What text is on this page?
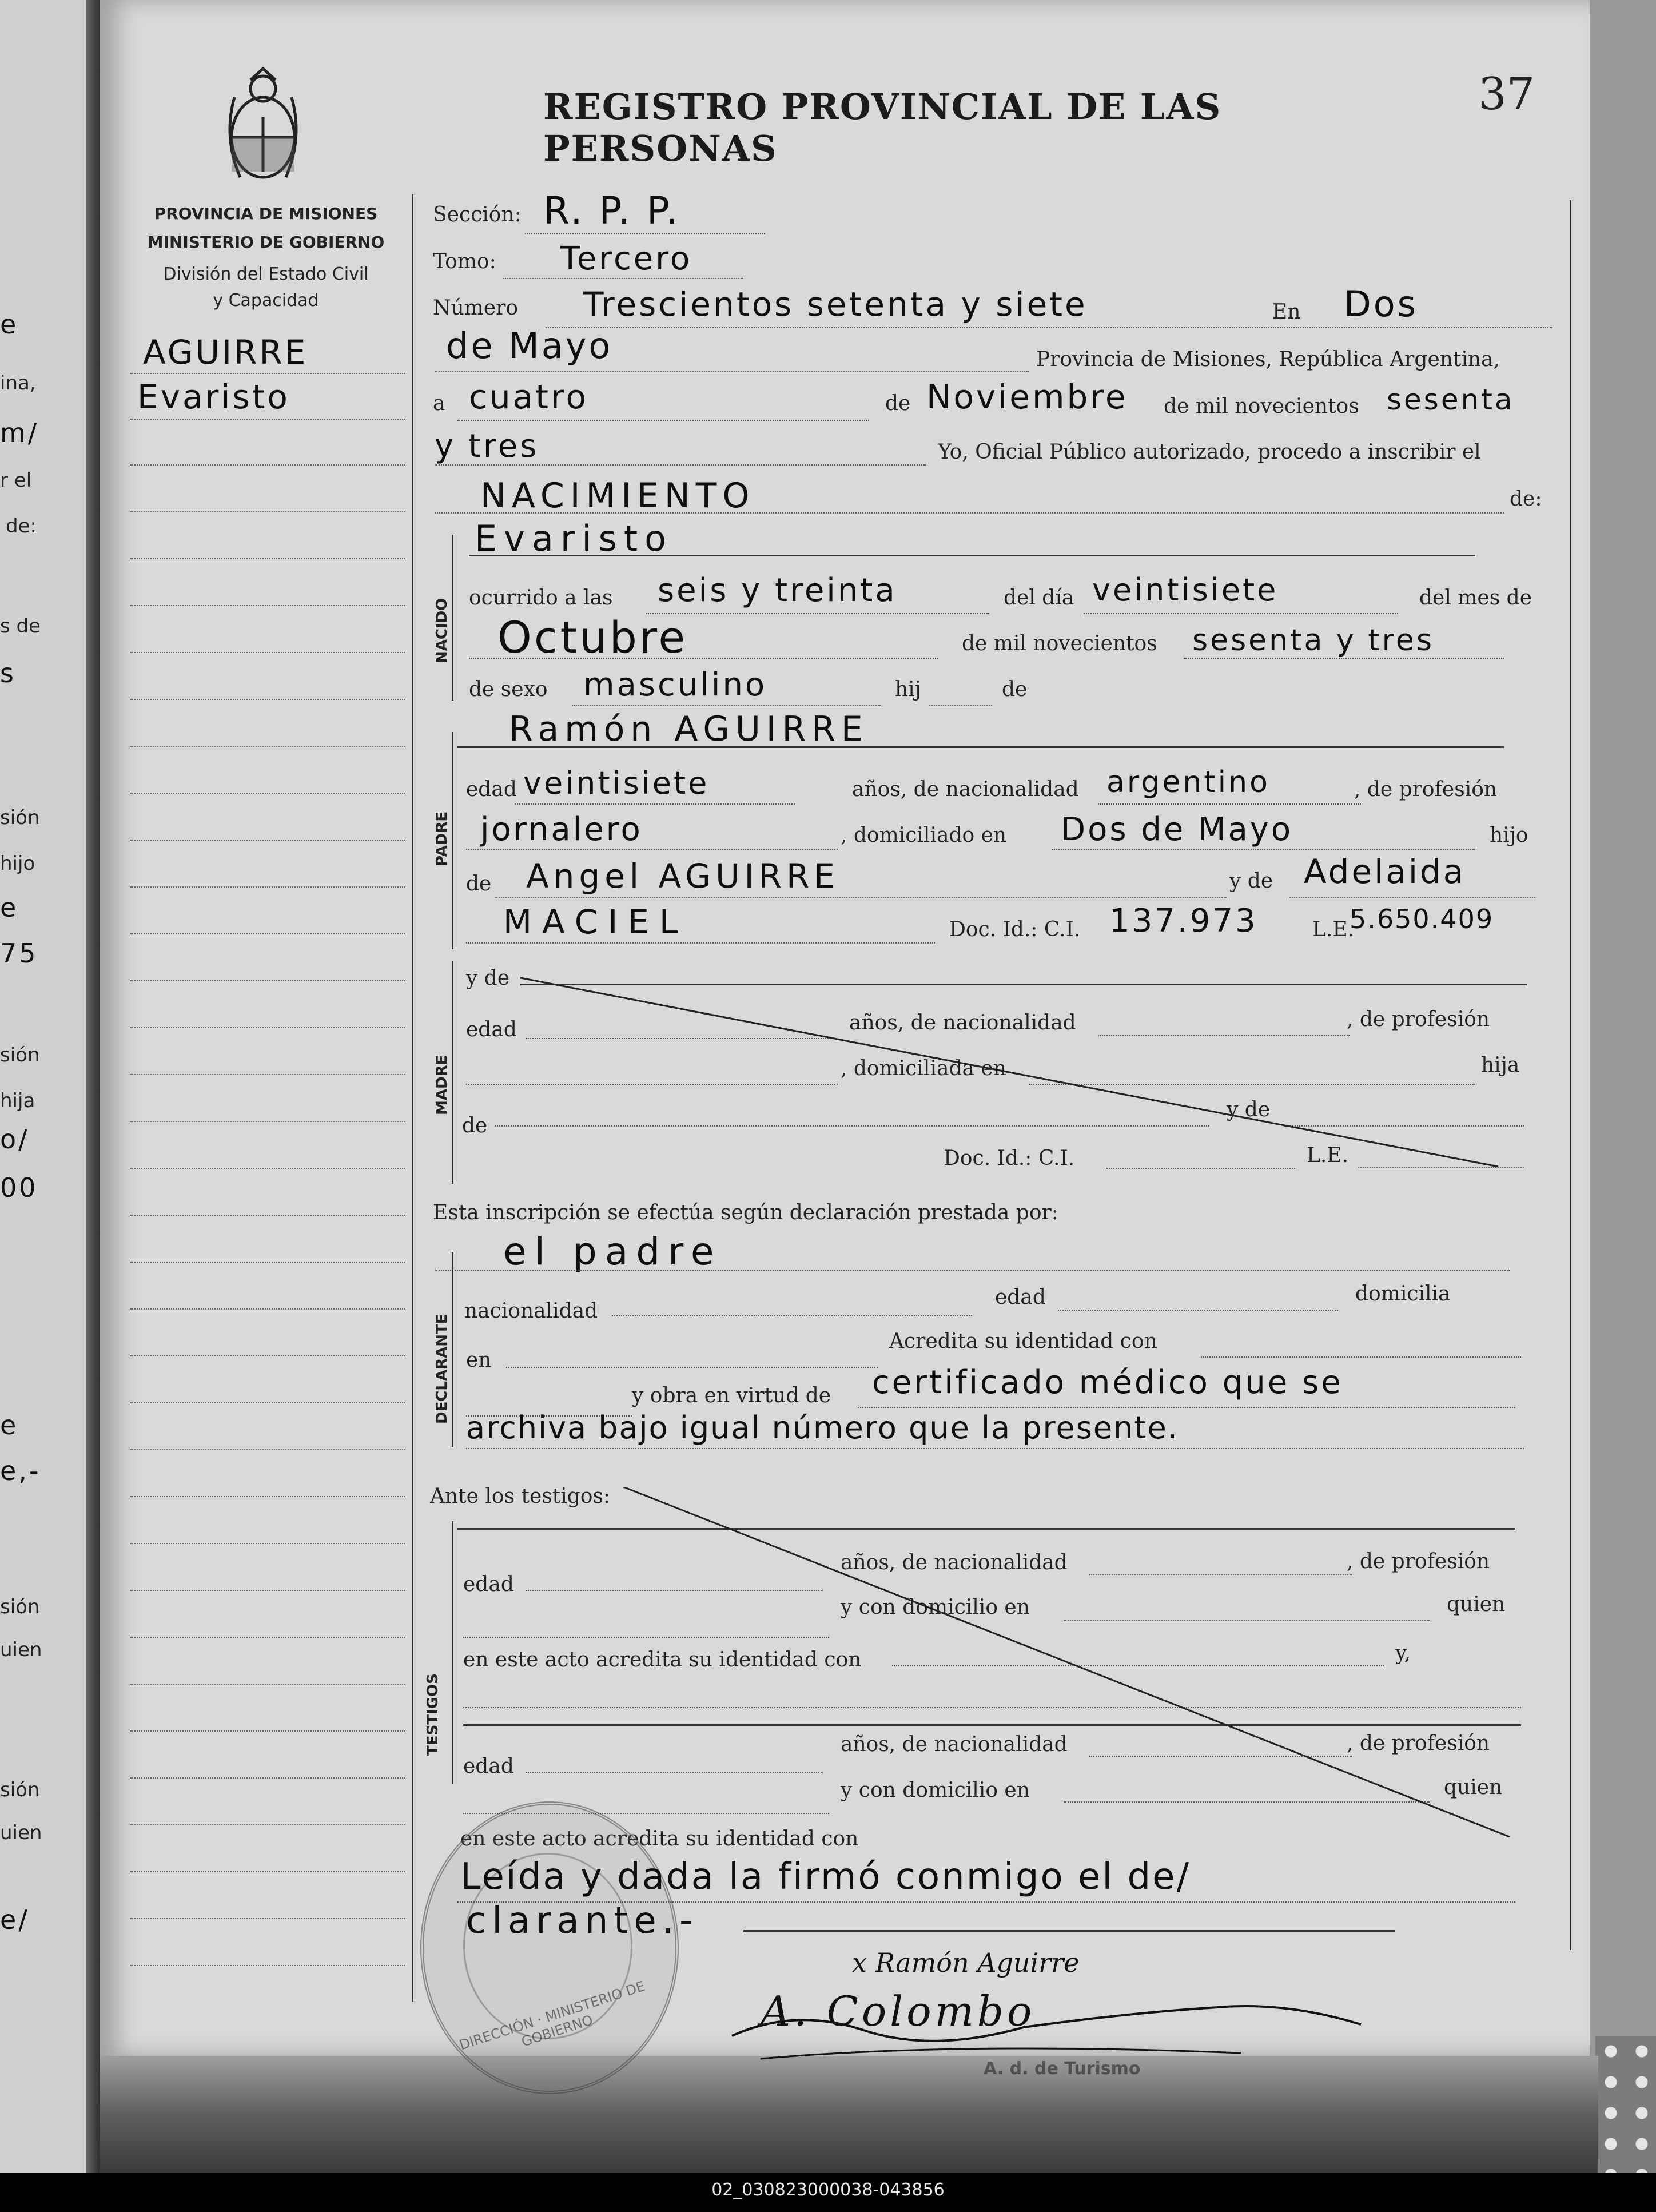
02_030823000038-043856
e
ina,
m/
r el
de:
s de
s
sión
hijo
e
75
sión
hija
o/
00
e
e,-
sión
uien
sión
uien
e/
REGISTRO PROVINCIAL DE LAS PERSONAS
37
PROVINCIA DE MISIONES
MINISTERIO DE GOBIERNO
División del Estado Civil
y Capacidad
AGUIRRE
Evaristo
Sección: R. P. P.
Tomo: Tercero
Número Trescientos setenta y siete	En Dos
de Mayo	Provincia de Misiones, República Argentina,
a cuatro	de Noviembre de mil novecientos sesenta
y tres	Yo, Oficial Público autorizado, procedo a inscribir el
NACIMIENTO	de:
NACIDO
Evaristo
ocurrido a las seis y treinta	del día veintisiete	del mes de
Octubre	de mil novecientos sesenta y tres
de sexo masculino	hij	de
PADRE
Ramón AGUIRRE
edad veintisiete	años, de nacionalidad argentino	, de profesión
jornalero	, domiciliado en Dos de Mayo	hijo
de Angel AGUIRRE	y de Adelaida
MACIEL	Doc. Id.: C.I. 137.973	L.E.
5.650.409
MADRE
y de
edad	años, de nacionalidad	, de profesión
, domiciliada en	hija
de
y de
Doc. Id.: C.I.	L.E.
Esta inscripción se efectúa según declaración prestada por:
el padre
DECLARANTE
nacionalidad
edad	domicilia
en
Acredita su identidad con
y obra en virtud de certificado médico que se
archiva bajo igual número que la presente.
Ante los testigos:
TESTIGOS
edad
años, de nacionalidad	, de profesión
y con domicilio en	quien
en este acto acredita su identidad con	y,
edad
años, de nacionalidad	, de profesión
y con domicilio en	quien
en este acto acredita su identidad con
DIRECCIÓN · MINISTERIO DE GOBIERNO
Leída y dada la firmó conmigo el de/
clarante.-
x Ramón Aguirre
A. Colombo
A. d. de Turismo
